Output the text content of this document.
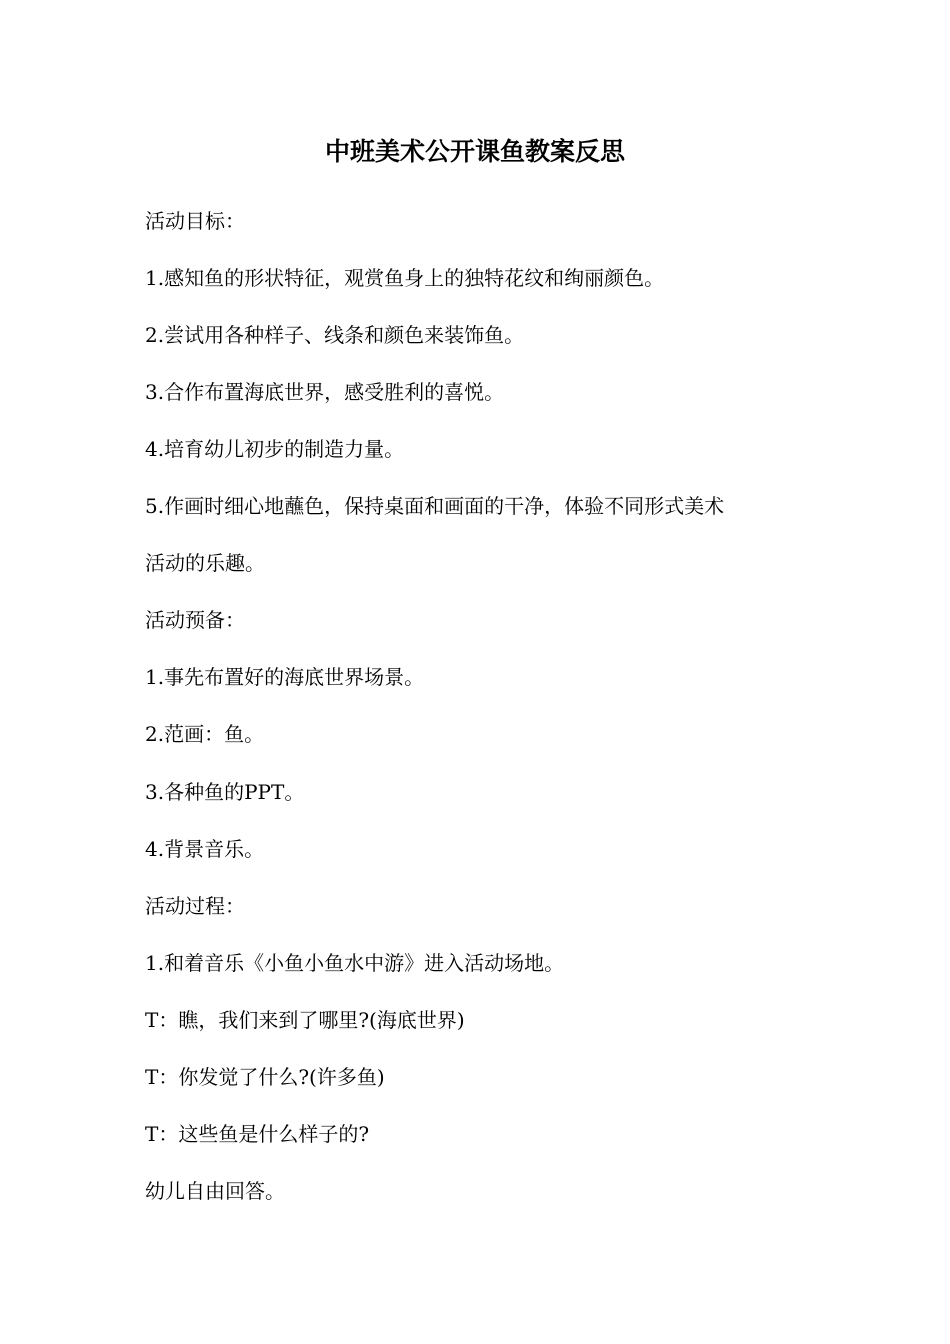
中班美术公开课鱼教案反思
活动目标：
1.感知鱼的形状特征，观赏鱼身上的独特花纹和绚丽颜色。
2.尝试用各种样子、线条和颜色来装饰鱼。
3.合作布置海底世界，感受胜利的喜悦。
4.培育幼儿初步的制造力量。
5.作画时细心地蘸色，保持桌面和画面的干净，体验不同形式美术
活动的乐趣。
活动预备：
1.事先布置好的海底世界场景。
2.范画：鱼。
3.各种鱼的PPT。
4.背景音乐。
活动过程：
1.和着音乐《小鱼小鱼水中游》进入活动场地。
T：瞧，我们来到了哪里?(海底世界)
T：你发觉了什么?(许多鱼)
T：这些鱼是什么样子的?
幼儿自由回答。
